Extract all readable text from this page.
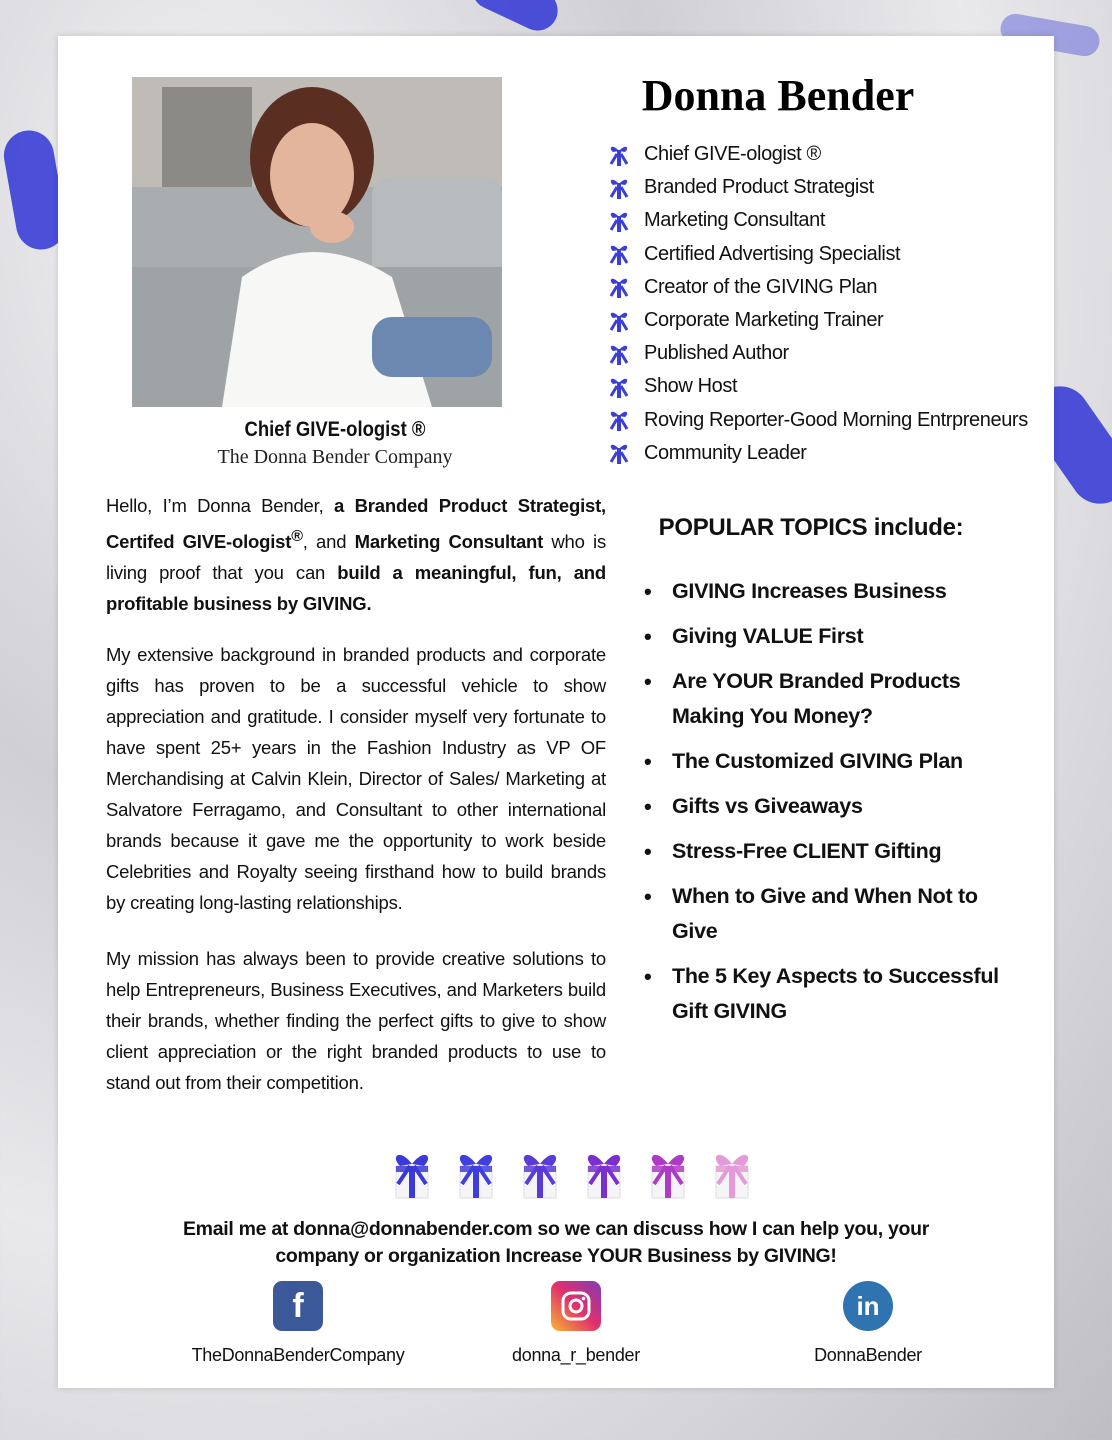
Chief GIVE-ologist ®
The Donna Bender Company

Hello, I’m Donna Bender, a Branded Product Strategist, Certifed GIVE-ologist®, and Marketing Consultant who is living proof that you can build a meaningful, fun, and profitable business by GIVING.

My extensive background in branded products and corporate gifts has proven to be a successful vehicle to show appreciation and gratitude. I consider myself very fortunate to have spent 25+ years in the Fashion Industry as VP OF Merchandising at Calvin Klein, Director of Sales/ Marketing at Salvatore Ferragamo, and Consultant to other international brands because it gave me the opportunity to work beside Celebrities and Royalty seeing firsthand how to build brands by creating long-lasting relationships.

My mission has always been to provide creative solutions to help Entrepreneurs, Business Executives, and Marketers build their brands, whether finding the perfect gifts to give to show client appreciation or the right branded products to use to stand out from their competition.

Donna Bender
Chief GIVE-ologist ®
Branded Product Strategist
Marketing Consultant
Certified Advertising Specialist
Creator of the GIVING Plan
Corporate Marketing Trainer
Published Author
Show Host
Roving Reporter-Good Morning Entrpreneurs
Community Leader
POPULAR TOPICS include:
• GIVING Increases Business
• Giving VALUE First
• Are YOUR Branded Products Making You Money?
• The Customized GIVING Plan
• Gifts vs Giveaways
• Stress-Free CLIENT Gifting
• When to Give and When Not to Give
• The 5 Key Aspects to Successful Gift GIVING
Email me at donna@donnabender.com so we can discuss how I can help you, your
company or organization Increase YOUR Business by GIVING!
f
TheDonnaBenderCompany	donna_r_bender
in
DonnaBender
